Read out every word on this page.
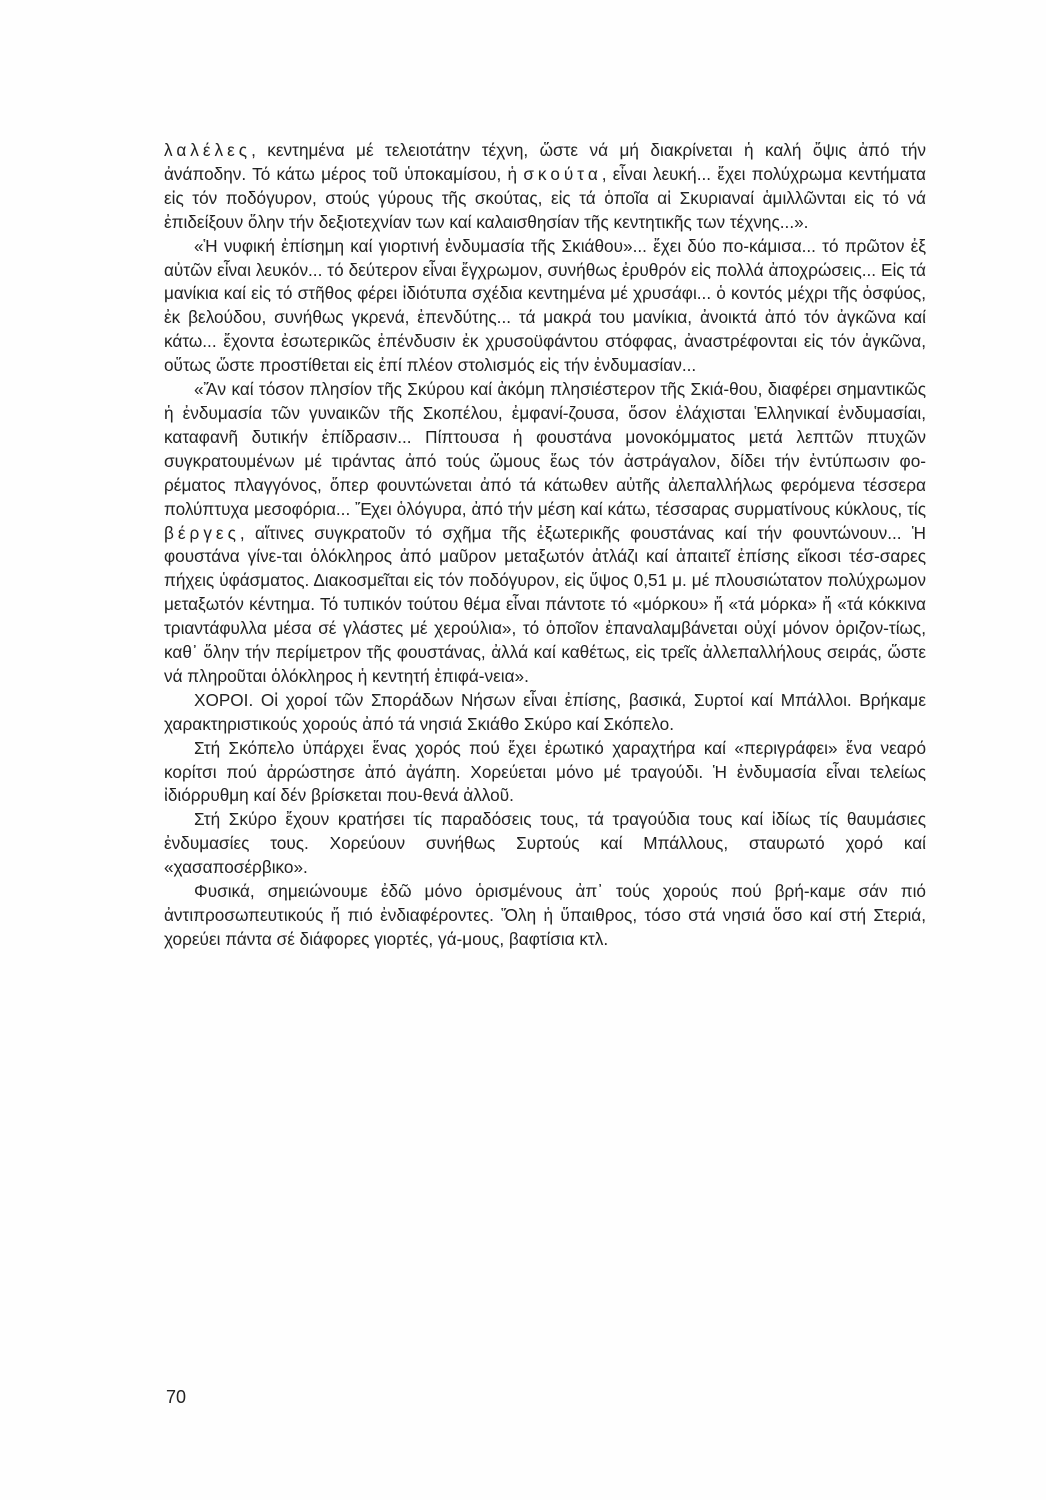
λαλέλες, κεντημένα μέ τελειοτάτην τέχνη, ὥστε νά μή διακρίνεται ἡ καλή ὄψις ἀπό τήν ἀνάποδην. Τό κάτω μέρος τοῦ ὑποκαμίσου, ἡ σκούτα, εἶναι λευκή... ἔχει πολύχρωμα κεντήματα εἰς τόν ποδόγυρον, στούς γύρους τῆς σκούτας, εἰς τά ὁποῖα αἱ Σκυριαναί ἁμιλλῶνται εἰς τό νά ἐπιδείξουν ὅλην τήν δεξιοτεχνίαν των καί καλαισθησίαν τῆς κεντητικῆς των τέχνης...».

«Ἡ νυφική ἐπίσημη καί γιορτινή ἐνδυμασία τῆς Σκιάθου»... ἔχει δύο πο-κάμισα... τό πρῶτον ἐξ αὐτῶν εἶναι λευκόν... τό δεύτερον εἶναι ἔγχρωμον, συνήθως ἐρυθρόν εἰς πολλά ἀποχρώσεις... Εἰς τά μανίκια καί εἰς τό στῆθος φέρει ἰδιότυπα σχέδια κεντημένα μέ χρυσάφι... ὁ κοντός μέχρι τῆς ὀσφύος, ἐκ βελούδου, συνήθως γκρενά, ἐπενδύτης... τά μακρά του μανίκια, ἀνοικτά ἀπό τόν ἀγκῶνα καί κάτω... ἔχοντα ἐσωτερικῶς ἐπένδυσιν ἐκ χρυσοϋφάντου στόφφας, ἀναστρέφονται εἰς τόν ἀγκῶνα, οὕτως ὥστε προστίθεται εἰς ἐπί πλέον στολισμός εἰς τήν ἐνδυμασίαν...

«Ἄν καί τόσον πλησίον τῆς Σκύρου καί ἀκόμη πλησιέστερον τῆς Σκιά-θου, διαφέρει σημαντικῶς ἡ ἐνδυμασία τῶν γυναικῶν τῆς Σκοπέλου, ἐμφανί-ζουσα, ὅσον ἐλάχισται Ἑλληνικαί ἐνδυμασίαι, καταφανῆ δυτικήν ἐπίδρασιν... Πίπτουσα ἡ φουστάνα μονοκόμματος μετά λεπτῶν πτυχῶν συγκρατουμένων μέ τιράντας ἀπό τούς ὤμους ἕως τόν ἀστράγαλον, δίδει τήν ἐντύπωσιν φο-ρέματος πλαγγόνος, ὅπερ φουντώνεται ἀπό τά κάτωθεν αὐτῆς ἀλεπαλλήλως φερόμενα τέσσερα πολύπτυχα μεσοφόρια... Ἔχει ὁλόγυρα, ἀπό τήν μέση καί κάτω, τέσσαρας συρματίνους κύκλους, τίς βέργες, αἵτινες συγκρατοῦν τό σχῆμα τῆς ἐξωτερικῆς φουστάνας καί τήν φουντώνουν... Ἡ φουστάνα γίνε-ται ὁλόκληρος ἀπό μαῦρον μεταξωτόν ἀτλάζι καί ἀπαιτεῖ ἐπίσης εἴκοσι τέσ-σαρες πήχεις ὑφάσματος. Διακοσμεῖται εἰς τόν ποδόγυρον, εἰς ὕψος 0,51 μ. μέ πλουσιώτατον πολύχρωμον μεταξωτόν κέντημα. Τό τυπικόν τούτου θέμα εἶναι πάντοτε τό «μόρκου» ἤ «τά μόρκα» ἤ «τά κόκκινα τριαντάφυλλα μέσα σέ γλάστες μέ χερούλια», τό ὁποῖον ἐπαναλαμβάνεται οὐχί μόνον ὁριζον-τίως, καθ᾽ ὅλην τήν περίμετρον τῆς φουστάνας, ἀλλά καί καθέτως, εἰς τρεῖς ἀλλεπαλλήλους σειράς, ὥστε νά πληροῦται ὁλόκληρος ἡ κεντητή ἐπιφά-νεια».

ΧΟΡΟΙ. Οἱ χοροί τῶν Σποράδων Νήσων εἶναι ἐπίσης, βασικά, Συρτοί καί Μπάλλοι. Βρήκαμε χαρακτηριστικούς χορούς ἀπό τά νησιά Σκιάθο Σκύρο καί Σκόπελο.

Στή Σκόπελο ὑπάρχει ἕνας χορός πού ἔχει ἐρωτικό χαραχτήρα καί «περιγράφει» ἕνα νεαρό κορίτσι πού ἀρρώστησε ἀπό ἀγάπη. Χορεύεται μόνο μέ τραγούδι. Ἡ ἐνδυμασία εἶναι τελείως ἰδιόρρυθμη καί δέν βρίσκεται που-θενά ἀλλοῦ.

Στή Σκύρο ἔχουν κρατήσει τίς παραδόσεις τους, τά τραγούδια τους καί ἰδίως τίς θαυμάσιες ἐνδυμασίες τους. Χορεύουν συνήθως Συρτούς καί Μπάλλους, σταυρωτό χορό καί «χασαποσέρβικο».

Φυσικά, σημειώνουμε ἐδῶ μόνο ὁρισμένους ἀπ᾽ τούς χορούς πού βρή-καμε σάν πιό ἀντιπροσωπευτικούς ἤ πιό ἐνδιαφέροντες. Ὅλη ἡ ὕπαιθρος, τόσο στά νησιά ὅσο καί στή Στεριά, χορεύει πάντα σέ διάφορες γιορτές, γά-μους, βαφτίσια κτλ.

70
